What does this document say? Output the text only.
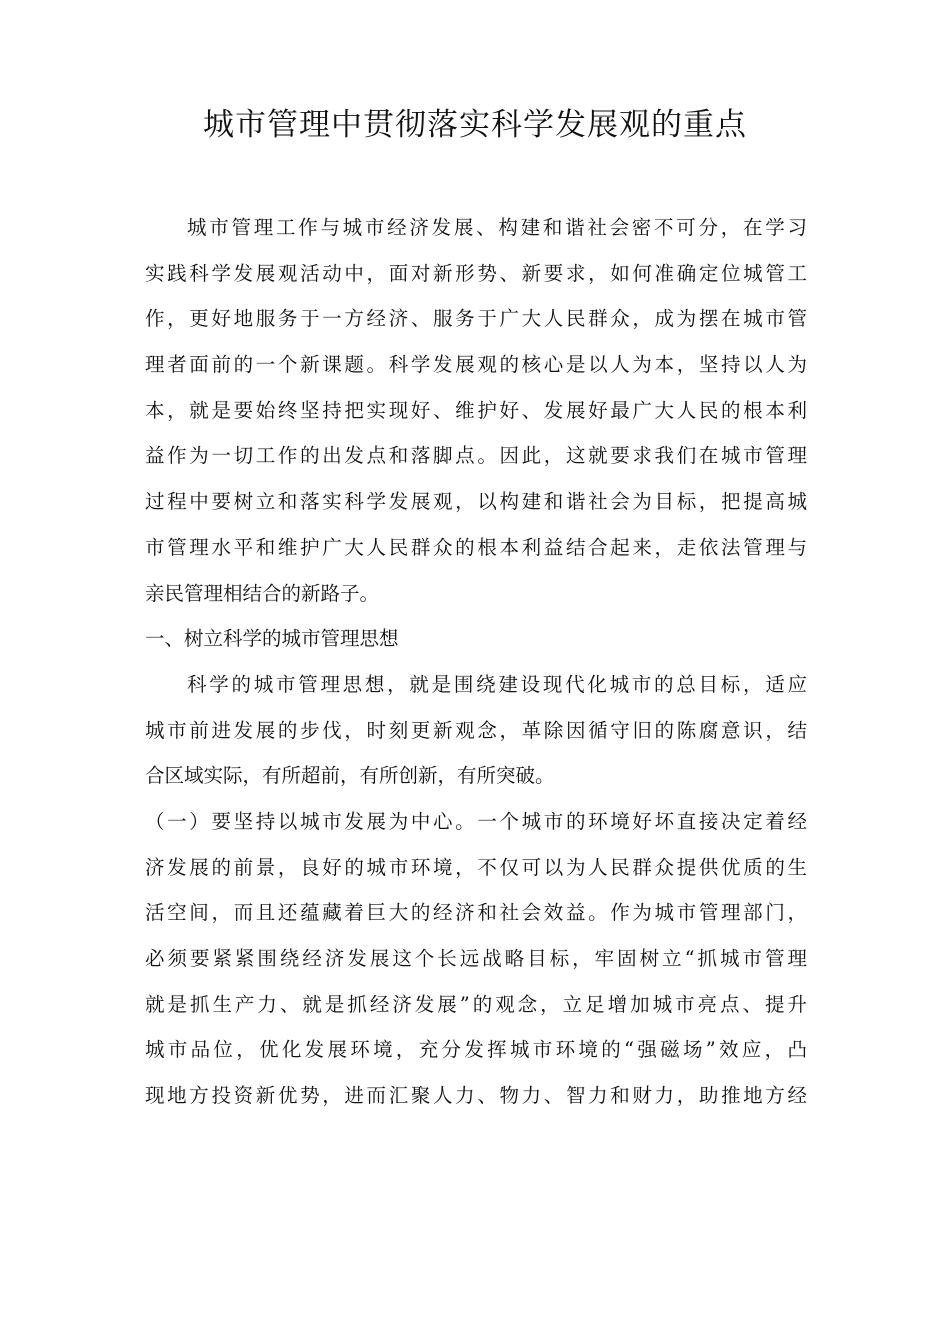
城市管理中贯彻落实科学发展观的重点
城市管理工作与城市经济发展、构建和谐社会密不可分，在学习
实践科学发展观活动中，面对新形势、新要求，如何准确定位城管工
作，更好地服务于一方经济、服务于广大人民群众，成为摆在城市管
理者面前的一个新课题。科学发展观的核心是以人为本，坚持以人为
本，就是要始终坚持把实现好、维护好、发展好最广大人民的根本利
益作为一切工作的出发点和落脚点。因此，这就要求我们在城市管理
过程中要树立和落实科学发展观，以构建和谐社会为目标，把提高城
市管理水平和维护广大人民群众的根本利益结合起来，走依法管理与
亲民管理相结合的新路子。
一、树立科学的城市管理思想
科学的城市管理思想，就是围绕建设现代化城市的总目标，适应
城市前进发展的步伐，时刻更新观念，革除因循守旧的陈腐意识，结
合区域实际，有所超前，有所创新，有所突破。
（一）要坚持以城市发展为中心。一个城市的环境好坏直接决定着经
济发展的前景，良好的城市环境，不仅可以为人民群众提供优质的生
活空间，而且还蕴藏着巨大的经济和社会效益。作为城市管理部门，
必须要紧紧围绕经济发展这个长远战略目标，牢固树立“抓城市管理
就是抓生产力、就是抓经济发展”的观念，立足增加城市亮点、提升
城市品位，优化发展环境，充分发挥城市环境的“强磁场”效应，凸
现地方投资新优势，进而汇聚人力、物力、智力和财力，助推地方经
